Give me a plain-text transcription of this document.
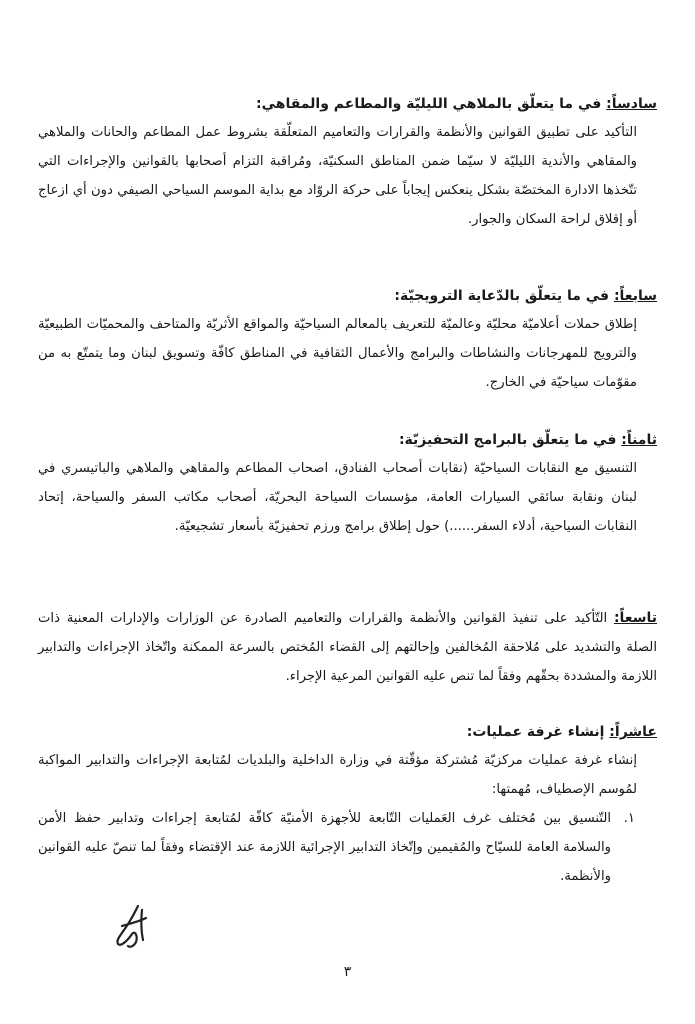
سادساً: في ما يتعلّق بالملاهي الليليّة والمطاعم والمقاهي:

التأكيد على تطبيق القوانين والأنظمة والقرارات والتعاميم المتعلّقة بشروط عمل المطاعم والحانات والملاهي والمقاهي والأندية الليليّة لا سيّما ضمن المناطق السكنيّة، ومُراقبة التزام أصحابها بالقوانين والإجراءات التي تتّخذها الادارة المختصّة بشكل ينعكس إيجاباً على حركة الروّاد مع بداية الموسم السياحي الصيفي دون أي ازعاج أو إقلاق لراحة السكان والجوار.

سابعاً: في ما يتعلّق بالدّعاية الترويجيّة:

إطلاق حملات أعلاميّة محليّة وعالميّة للتعريف بالمعالم السياحيّة والمواقع الأثريّة والمتاحف والمحميّات الطبيعيّة والترويج للمهرجانات والنشاطات والبرامج والأعمال الثقافية في المناطق كافّة وتسويق لبنان وما يتمتّع به من مقوّمات سياحيّة في الخارج.

ثامناً: في ما يتعلّق بالبرامج التحفيزيّة:

التنسيق مع النقابات السياحيّة (نقابات أصحاب الفنادق، اصحاب المطاعم والمقاهي والملاهي والباتيسري في لبنان ونقابة سائقي السيارات العامة، مؤسسات السياحة البحريّة، أصحاب مكاتب السفر والسياحة، إتحاد النقابات السياحية، أدلاء السفر......) حول إطلاق برامج ورزم تحفيزيّة بأسعار تشجيعيّة.

تاسعاً: التّأكيد على تنفيذ القوانين والأنظمة والقرارات والتعاميم الصادرة عن الوزارات والإدارات المعنية ذات الصلة والتشديد على مُلاحقة المُخالفين وإحالتهم إلى القضاء المُختص بالسرعة الممكنة واتّخاذ الإجراءات والتدابير اللازمة والمشددة بحقّهم وفقاً لما تنص عليه القوانين المرعية الإجراء.

عاشراً: إنشاء غرفة عمليات:

إنشاء غرفة عمليات مركزيّة مُشتركة مؤقّتة في وزارة الداخلية والبلديات لمُتابعة الإجراءات والتدابير المواكبة لمُوسم الإصطياف، مُهمتها:

١.
التّنسيق بين مُختلف غرف العَمليات التّابعة للأجهزة الأمنيّة كافّة لمُتابعة إجراءات وتدابير حفظ الأمن والسلامة العامة للسيّاح والمُقيمين وإتّخاذ التدابير الإجرائية اللازمة عند الإقتضاء وفقاً لما تنصّ عليه القوانين والأنظمة.
٣
